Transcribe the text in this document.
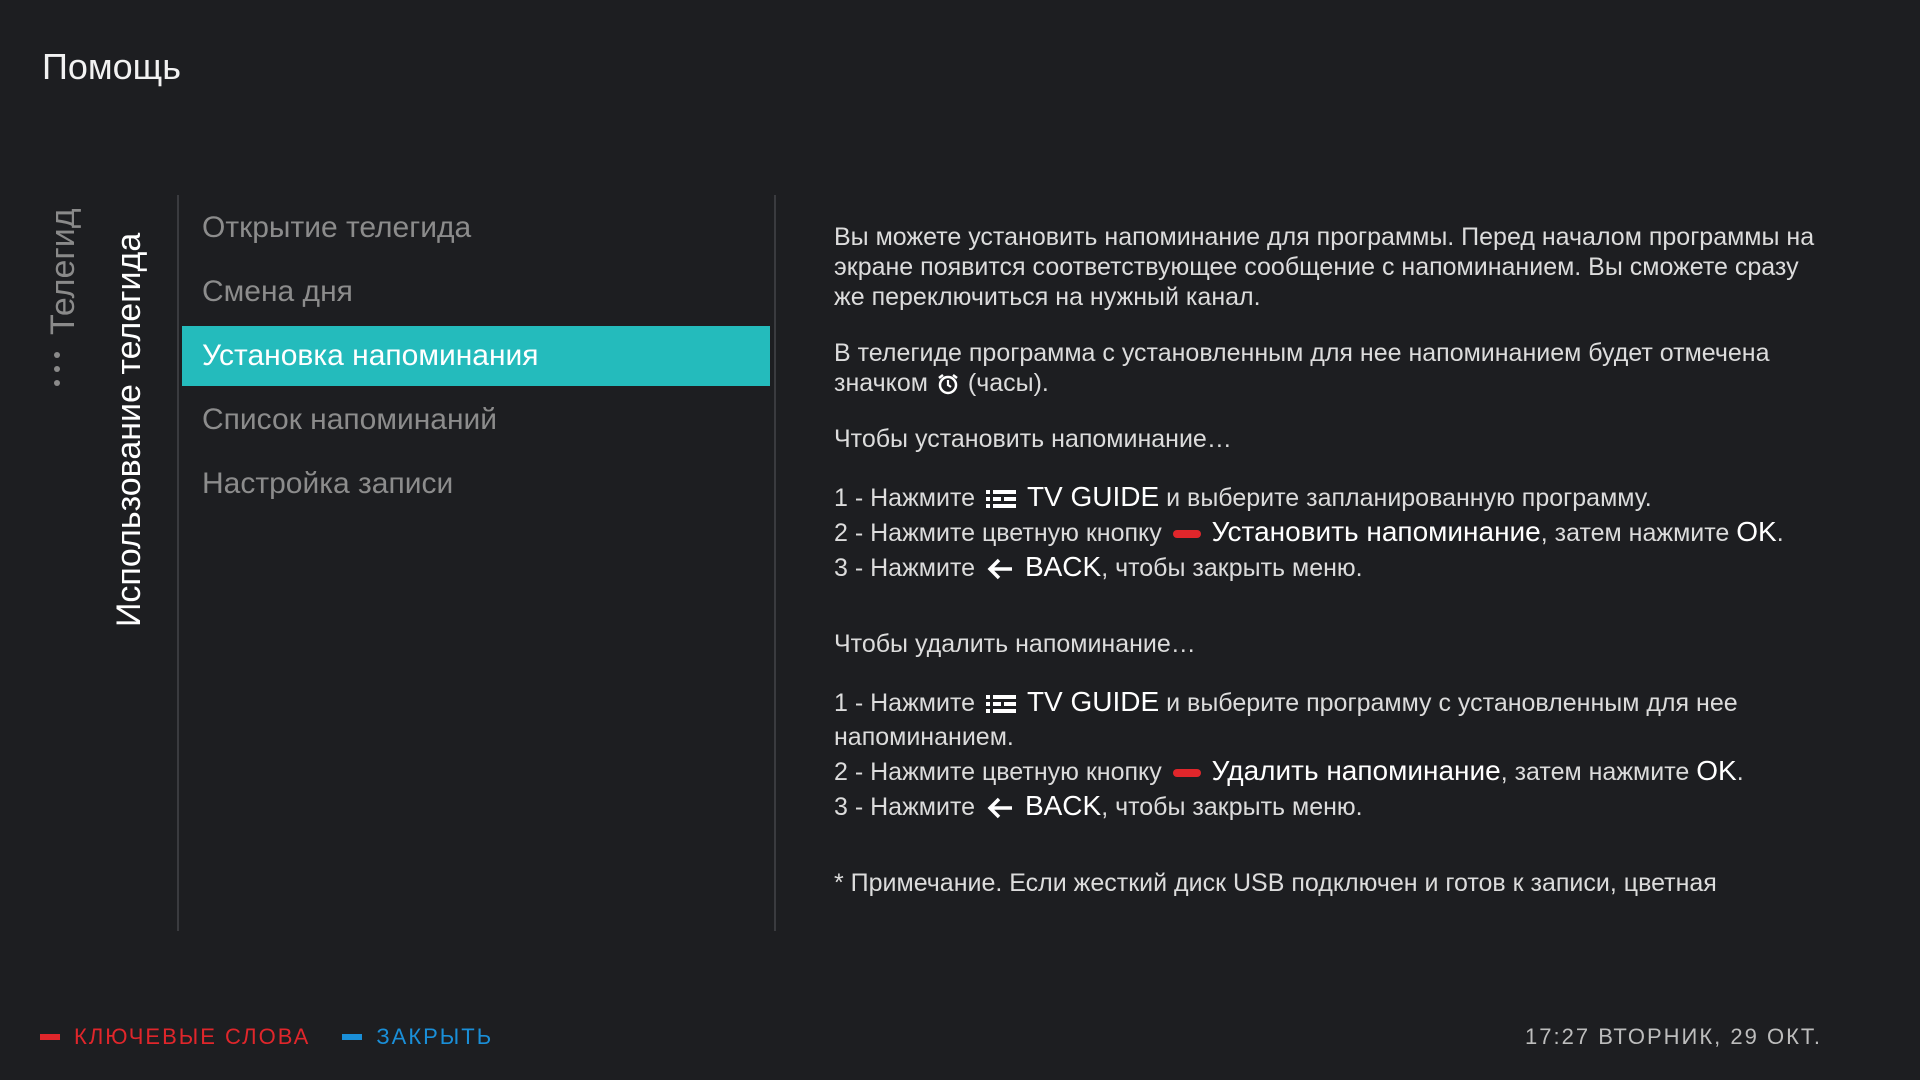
Помощь
Телегид Использование телегида
Открытие телегида
Смена дня
Установка напоминания
Список напоминаний
Настройка записи

Вы можете установить напоминание для программы. Перед началом программы на экране появится соответствующее сообщение с напоминанием. Вы сможете сразу же переключиться на нужный канал.

В телегиде программа с установленным для нее напоминанием будет отмечена значком (часы).

Чтобы установить напоминание…

1 - Нажмите TV GUIDE и выберите запланированную программу.
2 - Нажмите цветную кнопку Установить напоминание, затем нажмите OK.
3 - Нажмите BACK, чтобы закрыть меню.

Чтобы удалить напоминание…

1 - Нажмите TV GUIDE и выберите программу с установленным для нее напоминанием.
2 - Нажмите цветную кнопку Удалить напоминание, затем нажмите OK.
3 - Нажмите BACK, чтобы закрыть меню.

* Примечание. Если жесткий диск USB подключен и готов к записи, цветная

КЛЮЧЕВЫЕ СЛОВА	ЗАКРЫТЬ	17:27 ВТОРНИК, 29 ОКТ.
